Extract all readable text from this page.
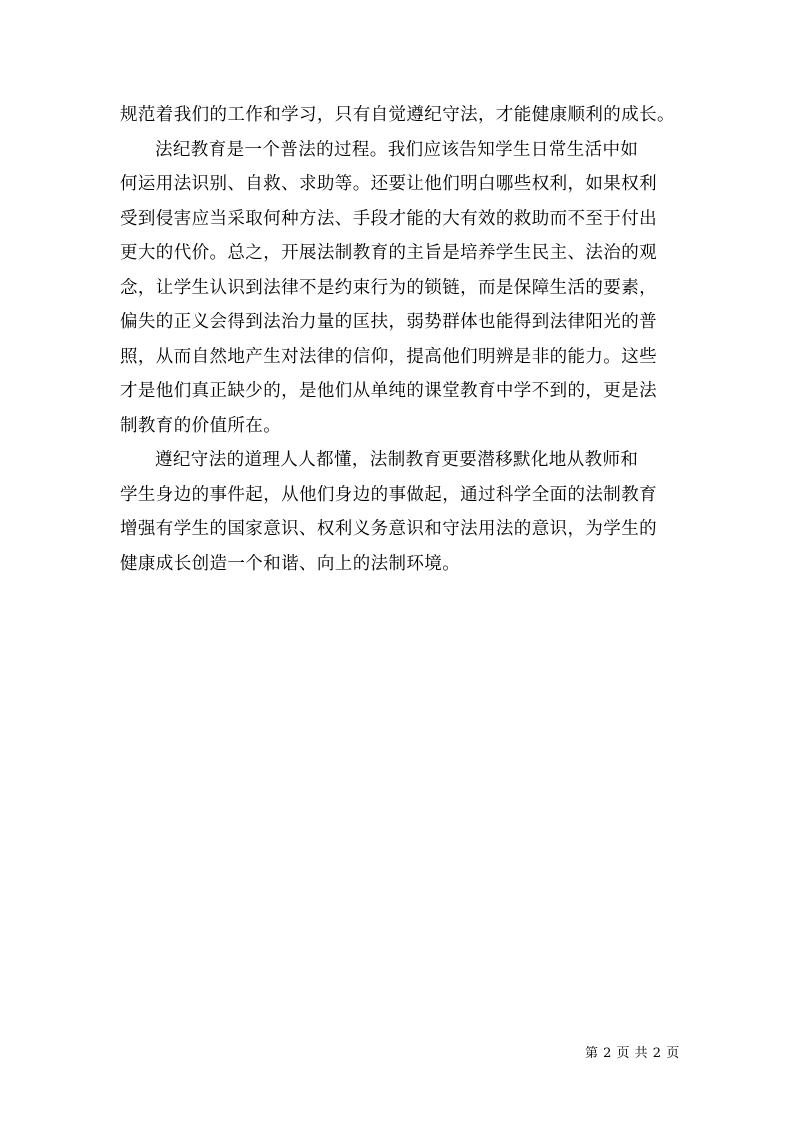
规范着我们的工作和学习，只有自觉遵纪守法，才能健康顺利的成长。
法纪教育是一个普法的过程。我们应该告知学生日常生活中如
何运用法识别、自救、求助等。还要让他们明白哪些权利，如果权利
受到侵害应当采取何种方法、手段才能的大有效的救助而不至于付出
更大的代价。总之，开展法制教育的主旨是培养学生民主、法治的观
念，让学生认识到法律不是约束行为的锁链，而是保障生活的要素，
偏失的正义会得到法治力量的匡扶，弱势群体也能得到法律阳光的普
照，从而自然地产生对法律的信仰，提高他们明辨是非的能力。这些
才是他们真正缺少的，是他们从单纯的课堂教育中学不到的，更是法
制教育的价值所在。
遵纪守法的道理人人都懂，法制教育更要潜移默化地从教师和
学生身边的事件起，从他们身边的事做起，通过科学全面的法制教育
增强有学生的国家意识、权利义务意识和守法用法的意识，为学生的
健康成长创造一个和谐、向上的法制环境。
第 2 页 共 2 页
